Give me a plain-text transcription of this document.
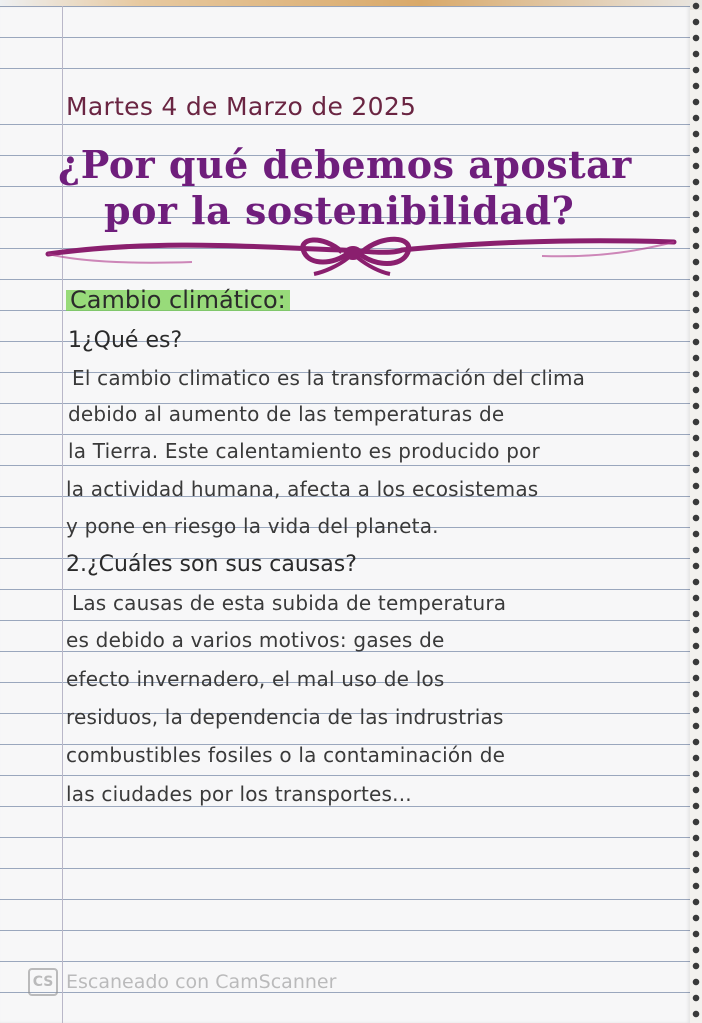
Martes 4 de Marzo de 2025
¿Por qué debemos apostar
por la sostenibilidad?
Cambio climático:
1¿Qué es?
El cambio climatico es la transformación del clima
debido al aumento de las temperaturas de
la Tierra. Este calentamiento es producido por
la actividad humana, afecta a los ecosistemas
y pone en riesgo la vida del planeta.
2.¿Cuáles son sus causas?
Las causas de esta subida de temperatura
es debido a varios motivos: gases de
efecto invernadero, el mal uso de los
residuos, la dependencia de las indrustrias
combustibles fosiles o la contaminación de
las ciudades por los transportes...
CS Escaneado con CamScanner
